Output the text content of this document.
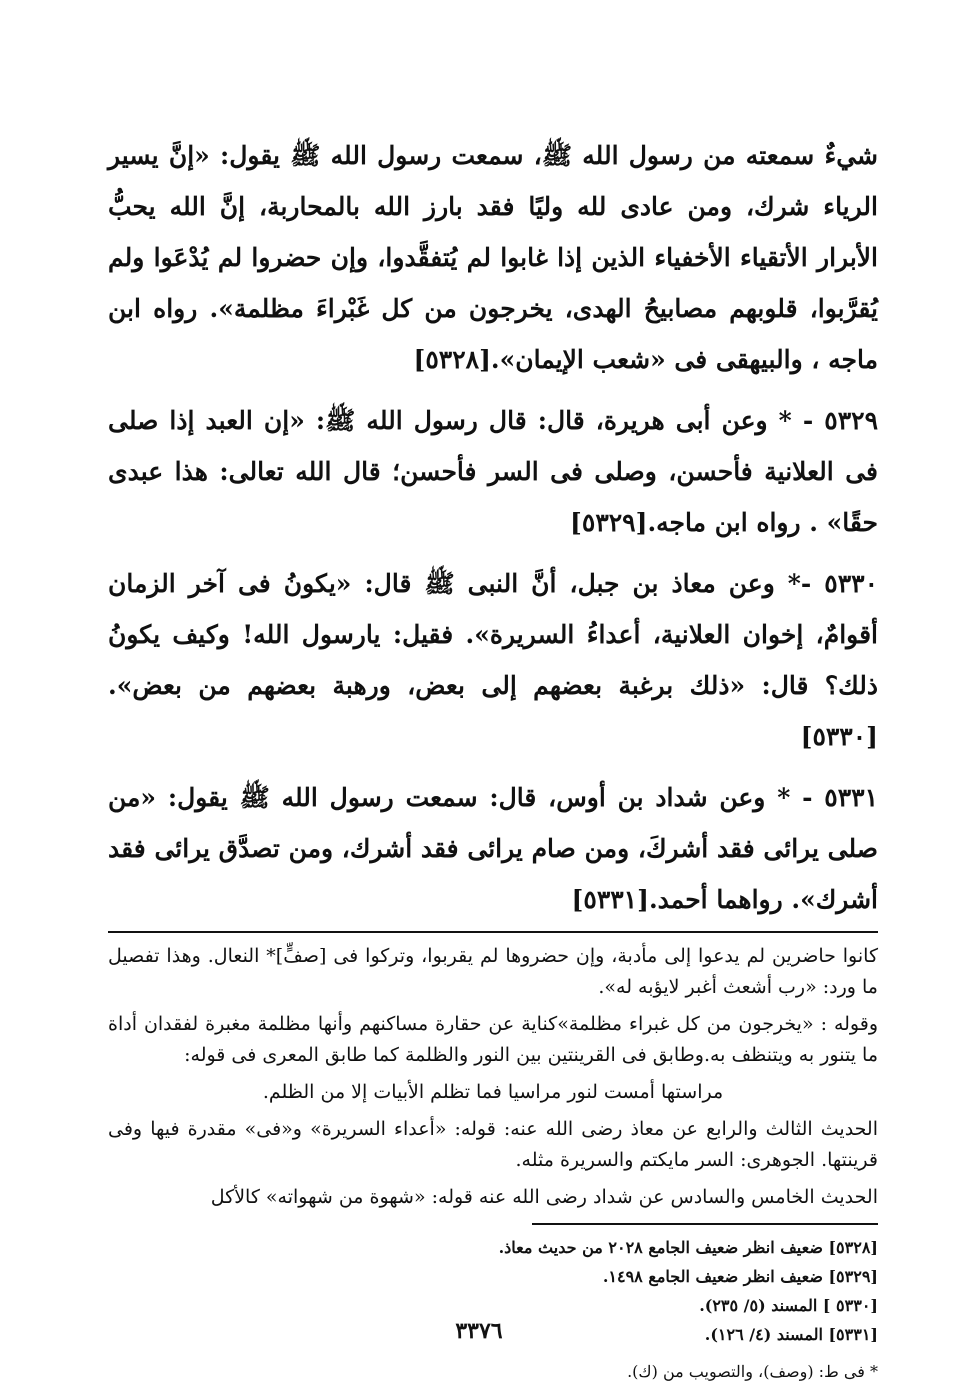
شيءٌ سمعته من رسول الله ﷺ، سمعت رسول الله ﷺ يقول: «إنَّ يسير الرياء شرك، ومن عادى لله وليًا فقد بارز الله بالمحاربة، إنَّ الله يحبُّ الأبرار الأتقياء الأخفياء الذين إذا غابوا لم يُتفقَّدوا، وإن حضروا لم يُدْعَوا ولم يُقرَّبوا، قلوبهم مصابيحُ الهدى، يخرجون من كل غَبْراءَ مظلمة». رواه ابن ماجه ، والبيهقى فى «شعب الإيمان».[٥٣٢٨]

٥٣٢٩ - * وعن أبى هريرة، قال: قال رسول الله ﷺ: «إن العبد إذا صلى فى العلانية فأحسن، وصلى فى السر فأحسن؛ قال الله تعالى: هذا عبدى حقًا» . رواه ابن ماجه.[٥٣٢٩]

٥٣٣٠ -* وعن معاذ بن جبل، أنَّ النبى ﷺ قال: «يكونُ فى آخر الزمان أقوامٌ، إخوان العلانية، أعداءُ السريرة». فقيل: يارسول الله! وكيف يكونُ ذلك؟ قال: «ذلك برغبة بعضهم إلى بعض، ورهبة بعضهم من بعض».[٥٣٣٠]

٥٣٣١ - * وعن شداد بن أوس، قال: سمعت رسول الله ﷺ يقول: «من صلى يرائى فقد أشركَ، ومن صام يرائى فقد أشرك، ومن تصدَّق يرائى فقد أشرك». رواهما أحمد.[٥٣٣١]

كانوا حاضرين لم يدعوا إلى مأدبة، وإن حضروها لم يقربوا، وتركوا فى [صفٍّ]* النعال. وهذا تفصيل ما ورد: «رب أشعث أغبر لايؤبه له».

وقوله : «يخرجون من كل غبراء مظلمة»كناية عن حقارة مساكنهم وأنها مظلمة مغبرة لفقدان أداة ما يتنور به ويتنظف به.وطابق فى القرينتين بين النور والظلمة كما طابق المعرى فى قوله:

مراستها أمست لنور مراسيا فما تظلم الأبيات إلا من الظلم.

الحديث الثالث والرابع عن معاذ رضى الله عنه: قوله: «أعداء السريرة» و«فى» مقدرة فيها وفى قرينتها. الجوهرى: السر مايكتم والسريرة مثله.

الحديث الخامس والسادس عن شداد رضى الله عنه قوله: «شهوة من شهواته» كالأكل

[٥٣٢٨] ضعيف انظر ضعيف الجامع ٢٠٢٨ من حديث معاذ.
[٥٣٢٩] ضعيف انظر ضعيف الجامع ١٤٩٨.
[٥٣٣٠ ] المسند (٥/ ٢٣٥).
[٥٣٣١] المسند (٤/ ١٢٦).
* فى ط: (وصف)، والتصويب من (ك).
٣٣٧٦
